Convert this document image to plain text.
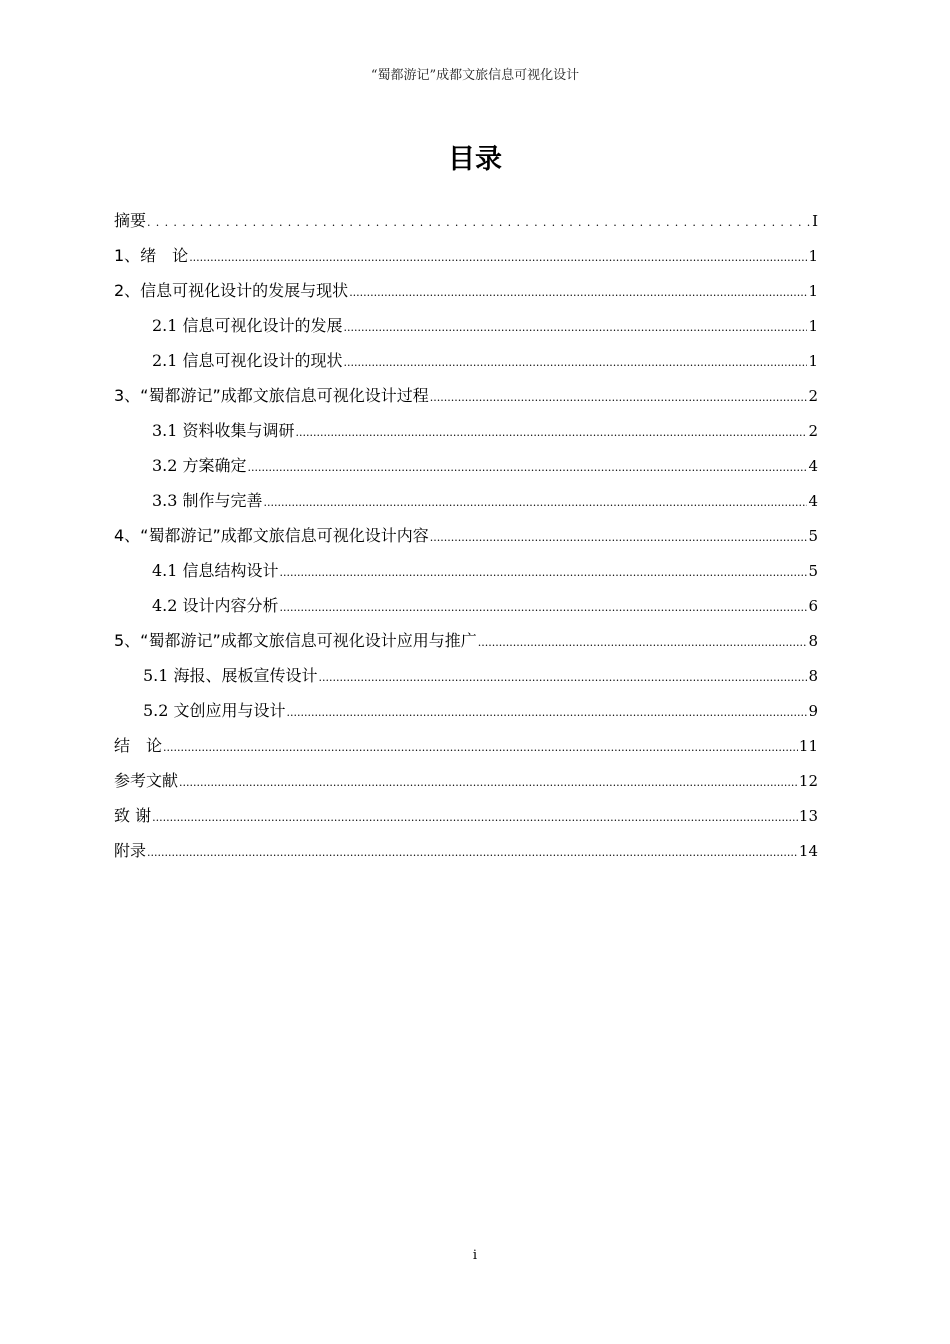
“蜀都游记”成都文旅信息可视化设计
目录
摘要 .....	I
1、绪　论 .....	1
2、信息可视化设计的发展与现状 .....	1
2.1 信息可视化设计的发展 .....	1
2.1 信息可视化设计的现状 .....	1
3、“蜀都游记”成都文旅信息可视化设计过程 .....	2
3.1 资料收集与调研 .....	2
3.2 方案确定 .....	4
3.3 制作与完善 .....	4
4、“蜀都游记”成都文旅信息可视化设计内容 .....	5
4.1 信息结构设计 .....	5
4.2 设计内容分析 .....	6
5、“蜀都游记”成都文旅信息可视化设计应用与推广 .....	8
5.1 海报、展板宣传设计 .....	8
5.2 文创应用与设计 .....	9
结　论 .....	11
参考文献 .....	12
致 谢 .....	13
附录 .....	14
i
